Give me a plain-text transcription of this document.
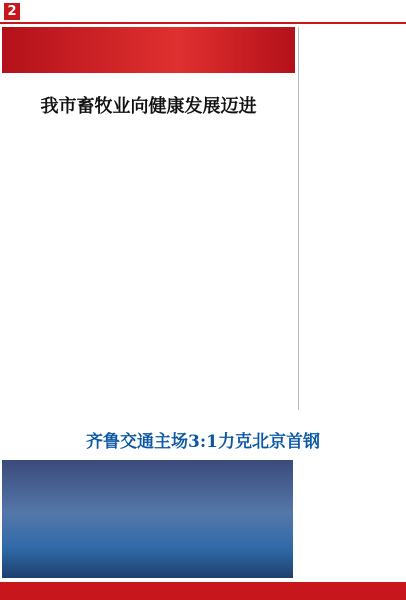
2
我市畜牧业向健康发展迈进
齐鲁交通主场3:1力克北京首钢
